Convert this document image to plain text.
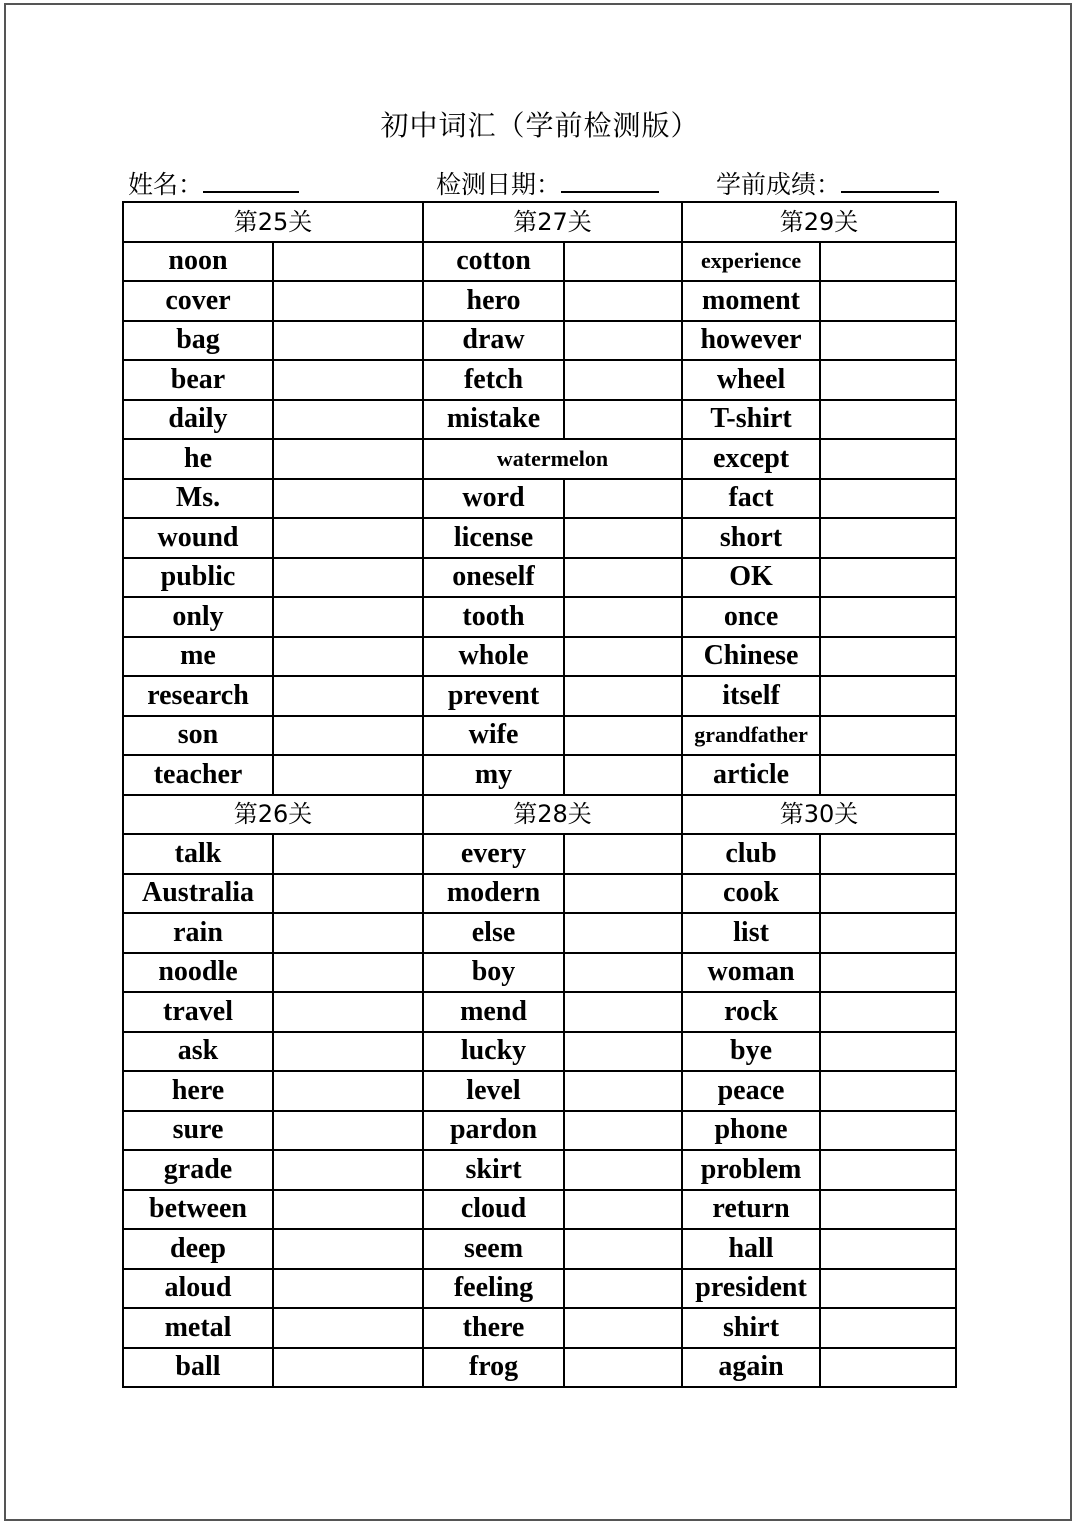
初中词汇（学前检测版）
姓名：	检测日期：	学前成绩：
第25关		第27关		第29关	
noon		cotton		experience	
cover		hero		moment	
bag		draw		however	
bear		fetch		wheel	
daily		mistake		T-shirt	
he		watermelon		except	
Ms.		word		fact	
wound		license		short	
public		oneself		OK	
only		tooth		once	
me		whole		Chinese	
research		prevent		itself	
son		wife		grandfather	
teacher		my		article	
第26关		第28关		第30关	
talk		every		club	
Australia		modern		cook	
rain		else		list	
noodle		boy		woman	
travel		mend		rock	
ask		lucky		bye	
here		level		peace	
sure		pardon		phone	
grade		skirt		problem	
between		cloud		return	
deep		seem		hall	
aloud		feeling		president	
metal		there		shirt	
ball		frog		again	
